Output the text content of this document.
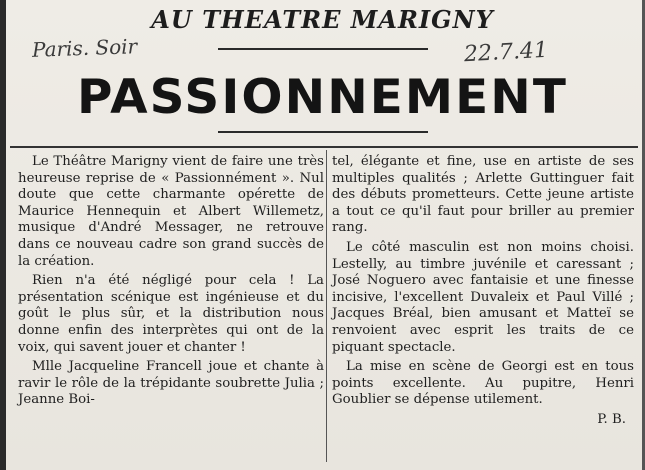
AU THEATRE MARIGNY
Paris. Soir	22.7.41
PASSIONNEMENT

Le Théâtre Marigny vient de faire une très heureuse reprise de « Passionnément ». Nul doute que cette charmante opérette de Maurice Hennequin et Albert Willemetz, musique d'André Messager, ne retrouve dans ce nouveau cadre son grand succès de la création.

Rien n'a été négligé pour cela ! La présentation scénique est ingénieuse et du goût le plus sûr, et la distribution nous donne enfin des interprètes qui ont de la voix, qui savent jouer et chanter !

Mlle Jacqueline Francell joue et chante à ravir le rôle de la trépidante soubrette Julia ; Jeanne Boi-

tel, élégante et fine, use en artiste de ses multiples qualités ; Arlette Guttinguer fait des débuts prometteurs. Cette jeune artiste a tout ce qu'il faut pour briller au premier rang.

Le côté masculin est non moins choisi. Lestelly, au timbre juvénile et caressant ; José Noguero avec fantaisie et une finesse incisive, l'excellent Duvaleix et Paul Villé ; Jacques Bréal, bien amusant et Matteï se renvoient avec esprit les traits de ce piquant spectacle.

La mise en scène de Georgi est en tous points excellente. Au pupitre, Henri Goublier se dépense utilement.

P. B.
